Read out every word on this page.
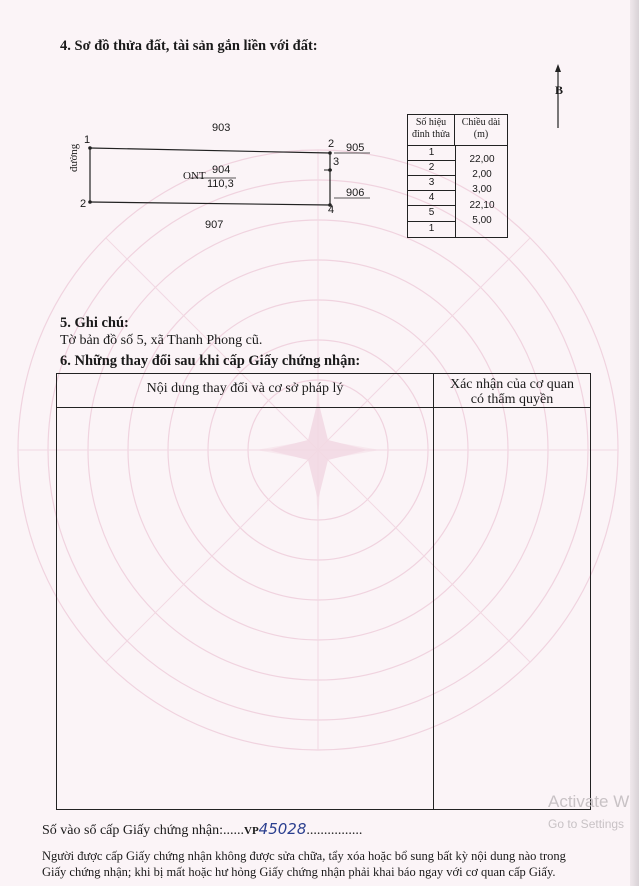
4. Sơ đồ thửa đất, tài sản gắn liền với đất:
B
1
2
2
3
4
đường
903
907
905
906
ONT 904
110,3
Số hiệu đỉnh thửa
Chiều dài (m)
1
2
3
4
5
1
22,00
2,00
3,00
22,10
5,00
5. Ghi chú:
Tờ bản đồ số 5, xã Thanh Phong cũ.
6. Những thay đổi sau khi cấp Giấy chứng nhận:
Nội dung thay đổi và cơ sở pháp lý	Xác nhận của cơ quan
có thẩm quyền
Số vào sổ cấp Giấy chứng nhận:......VP45028................
Người được cấp Giấy chứng nhận không được sửa chữa, tẩy xóa hoặc bổ sung bất kỳ nội dung nào trong
Giấy chứng nhận; khi bị mất hoặc hư hỏng Giấy chứng nhận phải khai báo ngay với cơ quan cấp Giấy.
Activate W
Go to Settings
